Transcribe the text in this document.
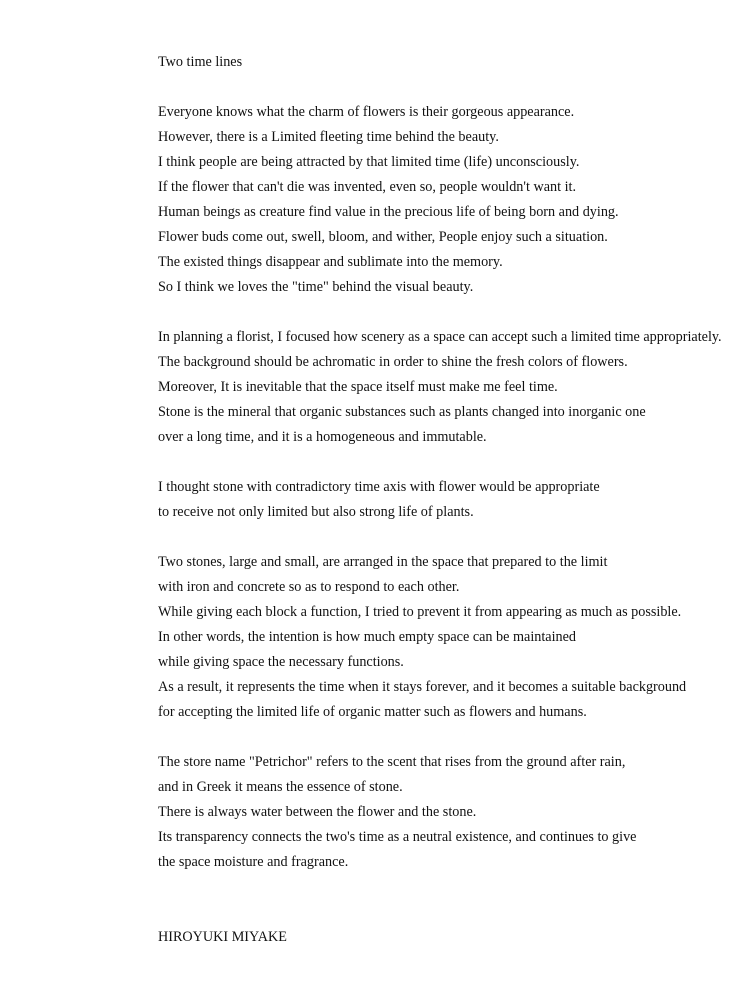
Two time lines
Everyone knows what the charm of flowers is their gorgeous appearance.
However, there is a Limited fleeting time behind the beauty.
I think people are being attracted by that limited time (life) unconsciously.
If the flower that can't die was invented, even so, people wouldn't want it.
Human beings as creature find value in the precious life of being born and dying.
Flower buds come out, swell, bloom, and wither, People enjoy such a situation.
The existed things disappear and sublimate into the memory.
So I think we loves the "time" behind the visual beauty.
In planning a florist, I focused how scenery as a space can accept such a limited time appropriately.
The background should be achromatic in order to shine the fresh colors of flowers.
Moreover, It is inevitable that the space itself must make me feel time.
Stone is the mineral that organic substances such as plants changed into inorganic one
over a long time, and it is a homogeneous and immutable.
I thought stone with contradictory time axis with flower would be appropriate
to receive not only limited but also strong life of plants.
Two stones, large and small, are arranged in the space that prepared to the limit
with iron and concrete so as to respond to each other.
While giving each block a function, I tried to prevent it from appearing as much as possible.
In other words, the intention is how much empty space can be maintained
while giving space the necessary functions.
As a result, it represents the time when it stays forever, and it becomes a suitable background
for accepting the limited life of organic matter such as flowers and humans.
The store name "Petrichor" refers to the scent that rises from the ground after rain,
and in Greek it means the essence of stone.
There is always water between the flower and the stone.
Its transparency connects the two's time as a neutral existence, and continues to give
the space moisture and fragrance.
HIROYUKI MIYAKE
